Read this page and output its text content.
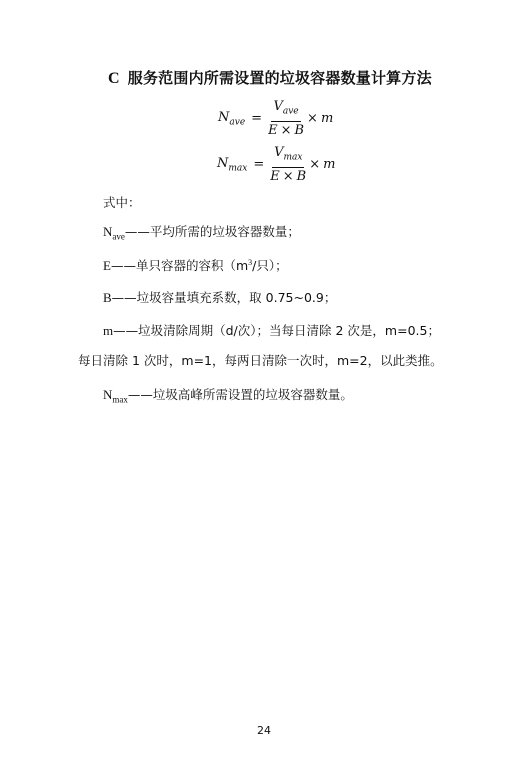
C 服务范围内所需设置的垃圾容器数量计算方法
$N_{ave} = \frac{V_{ave}}{E \times B} \times m$
$N_{max} = \frac{V_{max}}{E \times B} \times m$
式中：
$N_{ave}——$平均所需的垃圾容器数量；
E——单只容器的容积（$m^3/$只）；
B——垃圾容量填充系数，取 0.75~0.9；
m——垃圾清除周期（d/次）；当每日清除 2 次是，m=0.5；
每日清除 1 次时，m=1，每两日清除一次时，m=2，以此类推。
$N_{max}——$垃圾高峰所需设置的垃圾容器数量。
24
